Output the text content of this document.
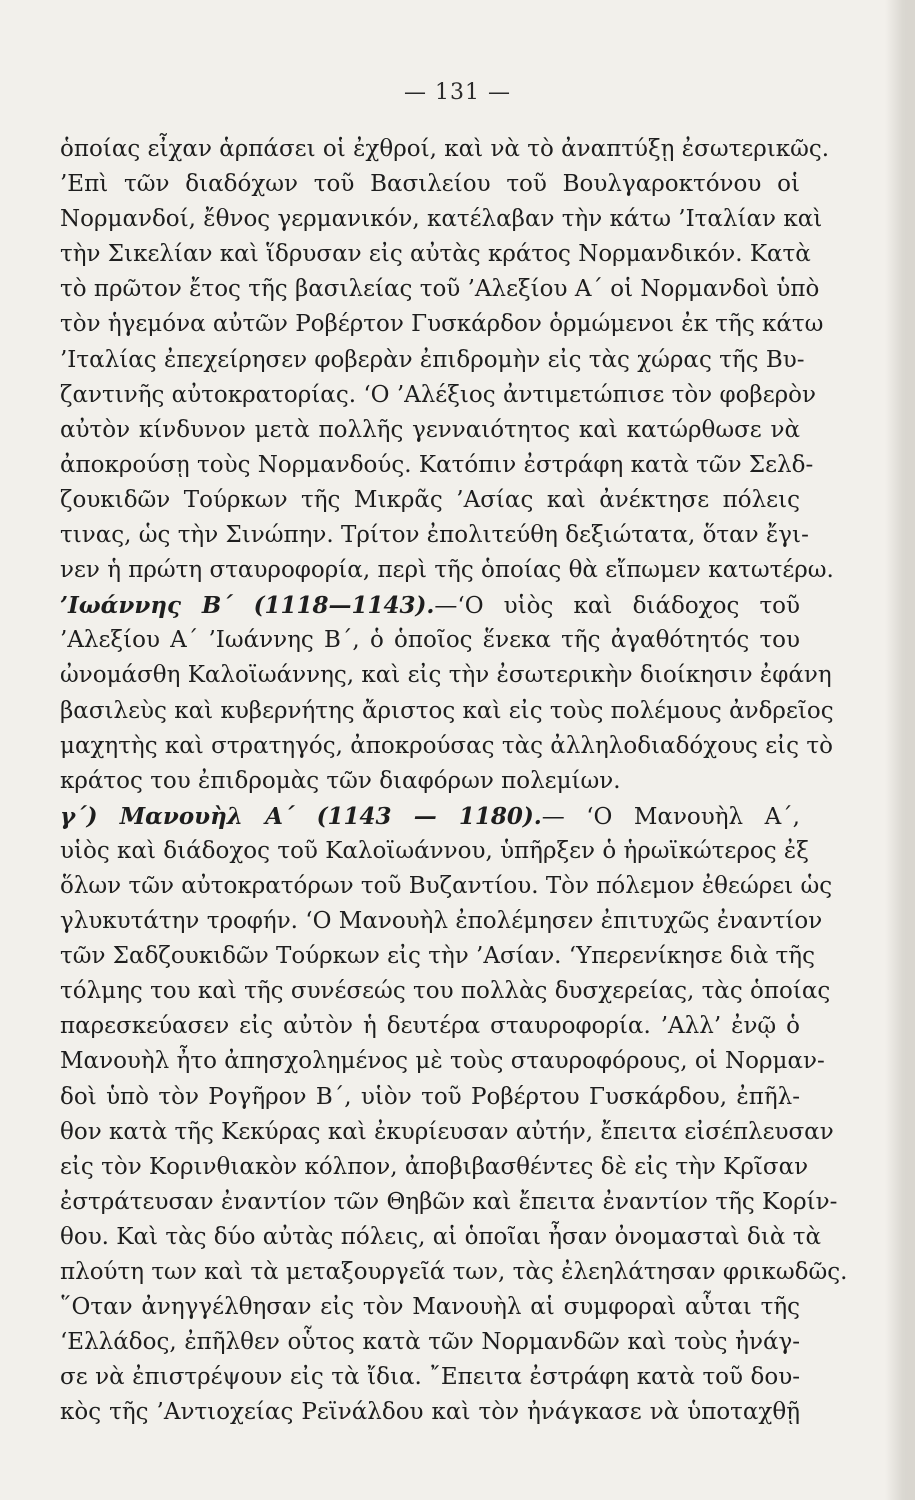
— 131 —
ὁποίας εἶχαν ἁρπάσει οἱ ἐχθροί, καὶ νὰ τὸ ἀναπτύξῃ ἐσωτερικῶς.
’Επὶ τῶν διαδόχων τοῦ Βασιλείου τοῦ Βουλγαροκτόνου οἱ
Νορμανδοί, ἔθνος γερμανικόν, κατέλαβαν τὴν κάτω ’Ιταλίαν καὶ
τὴν Σικελίαν καὶ ἵδρυσαν εἰς αὐτὰς κράτος Νορμανδικόν. Κατὰ
τὸ πρῶτον ἔτος τῆς βασιλείας τοῦ ’Αλεξίου Α΄ οἱ Νορμανδοὶ ὑπὸ
τὸν ἡγεμόνα αὐτῶν Ροβέρτον Γυσκάρδον ὁρμώμενοι ἐκ τῆς κάτω
’Ιταλίας ἐπεχείρησεν φοβερὰν ἐπιδρομὴν εἰς τὰς χώρας τῆς Βυ-
ζαντινῆς αὐτοκρατορίας. ‘Ο ’Αλέξιος ἀντιμετώπισε τὸν φοβερὸν
αὐτὸν κίνδυνον μετὰ πολλῆς γενναιότητος καὶ κατώρθωσε νὰ
ἀποκρούσῃ τοὺς Νορμανδούς. Κατόπιν ἐστράφη κατὰ τῶν Σελδ-
ζουκιδῶν Τούρκων τῆς Μικρᾶς ’Ασίας καὶ ἀνέκτησε πόλεις
τινας, ὡς τὴν Σινώπην. Τρίτον ἐπολιτεύθη δεξιώτατα, ὅταν ἔγι-
νεν ἡ πρώτη σταυροφορία, περὶ τῆς ὁποίας θὰ εἴπωμεν κατωτέρω.
’Ιωάννης Β΄ (1118—1143).—‘Ο υἱὸς καὶ διάδοχος τοῦ
’Αλεξίου Α΄ ’Ιωάννης Β΄, ὁ ὁποῖος ἕνεκα τῆς ἀγαθότητός του
ὠνομάσθη Καλοϊωάννης, καὶ εἰς τὴν ἐσωτερικὴν διοίκησιν ἐφάνη
βασιλεὺς καὶ κυβερνήτης ἄριστος καὶ εἰς τοὺς πολέμους ἀνδρεῖος
μαχητὴς καὶ στρατηγός, ἀποκρούσας τὰς ἀλληλοδιαδόχους εἰς τὸ
κράτος του ἐπιδρομὰς τῶν διαφόρων πολεμίων.
γ΄) Μανουὴλ Α΄ (1143 — 1180).— ‘Ο Μανουὴλ Α΄,
υἱὸς καὶ διάδοχος τοῦ Καλοϊωάννου, ὑπῆρξεν ὁ ἡρωϊκώτερος ἐξ
ὅλων τῶν αὐτοκρατόρων τοῦ Βυζαντίου. Τὸν πόλεμον ἐθεώρει ὡς
γλυκυτάτην τροφήν. ‘Ο Μανουὴλ ἐπολέμησεν ἐπιτυχῶς ἐναντίον
τῶν Σαδζουκιδῶν Τούρκων εἰς τὴν ’Ασίαν. ‘Υπερενίκησε διὰ τῆς
τόλμης του καὶ τῆς συνέσεώς του πολλὰς δυσχερείας, τὰς ὁποίας
παρεσκεύασεν εἰς αὐτὸν ἡ δευτέρα σταυροφορία. ’Αλλ’ ἐνῷ ὁ
Μανουὴλ ἦτο ἀπησχολημένος μὲ τοὺς σταυροφόρους, οἱ Νορμαν-
δοὶ ὑπὸ τὸν Ρογῆρον Β΄, υἱὸν τοῦ Ροβέρτου Γυσκάρδου, ἐπῆλ-
θον κατὰ τῆς Κεκύρας καὶ ἐκυρίευσαν αὐτήν, ἔπειτα εἰσέπλευσαν
εἰς τὸν Κορινθιακὸν κόλπον, ἀποβιβασθέντες δὲ εἰς τὴν Κρῖσαν
ἐστράτευσαν ἐναντίον τῶν Θηβῶν καὶ ἔπειτα ἐναντίον τῆς Κορίν-
θου. Καὶ τὰς δύο αὐτὰς πόλεις, αἱ ὁποῖαι ἦσαν ὀνομασταὶ διὰ τὰ
πλούτη των καὶ τὰ μεταξουργεῖά των, τὰς ἐλεηλάτησαν φρικωδῶς.
῞Οταν ἀνηγγέλθησαν εἰς τὸν Μανουὴλ αἱ συμφοραὶ αὗται τῆς
‘Ελλάδος, ἐπῆλθεν οὗτος κατὰ τῶν Νορμανδῶν καὶ τοὺς ἠνάγ-
σε νὰ ἐπιστρέψουν εἰς τὰ ἴδια. ῎Επειτα ἐστράφη κατὰ τοῦ δου-
κὸς τῆς ’Αντιοχείας Ρεϊνάλδου καὶ τὸν ἠνάγκασε νὰ ὑποταχθῇ
